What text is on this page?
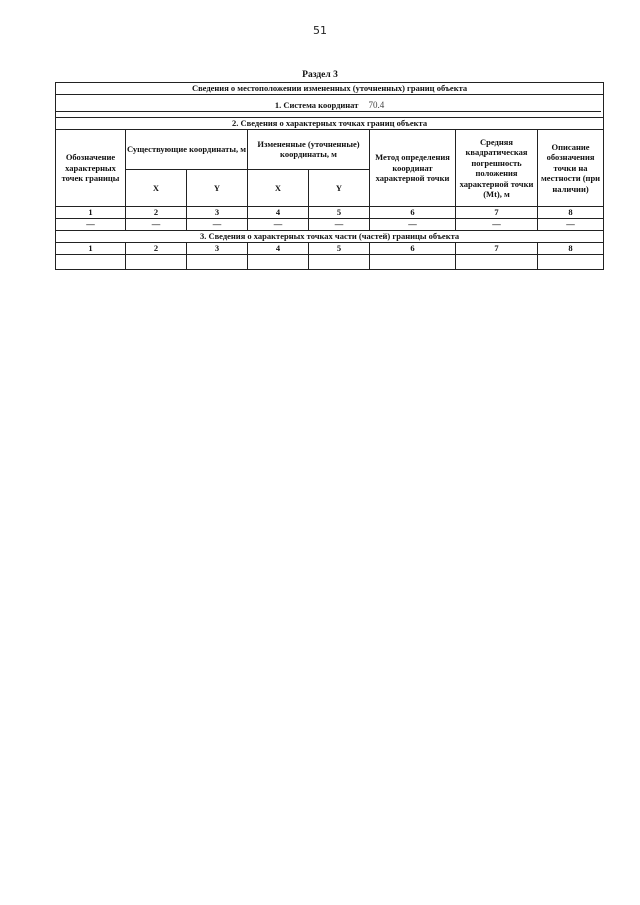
51
Раздел 3
Сведения о местоположении измененных (уточненных) границ объекта							
1. Система координат 70.4							

2. Сведения о характерных точках границ объекта							
Обозначение характерных точек границы	Существующие координаты, м		Измененные (уточненные) координаты, м		Метод определения координат характерной точки	Средняя квадратическая погрешность положения характерной точки (Mt), м	Описание обозначения точки на местности (при наличии)
	X	Y	X	Y			
1	2	3	4	5	6	7	8
—	—	—	—	—	—	—	—
3. Сведения о характерных точках части (частей) границы объекта							
1	2	3	4	5	6	7	8
